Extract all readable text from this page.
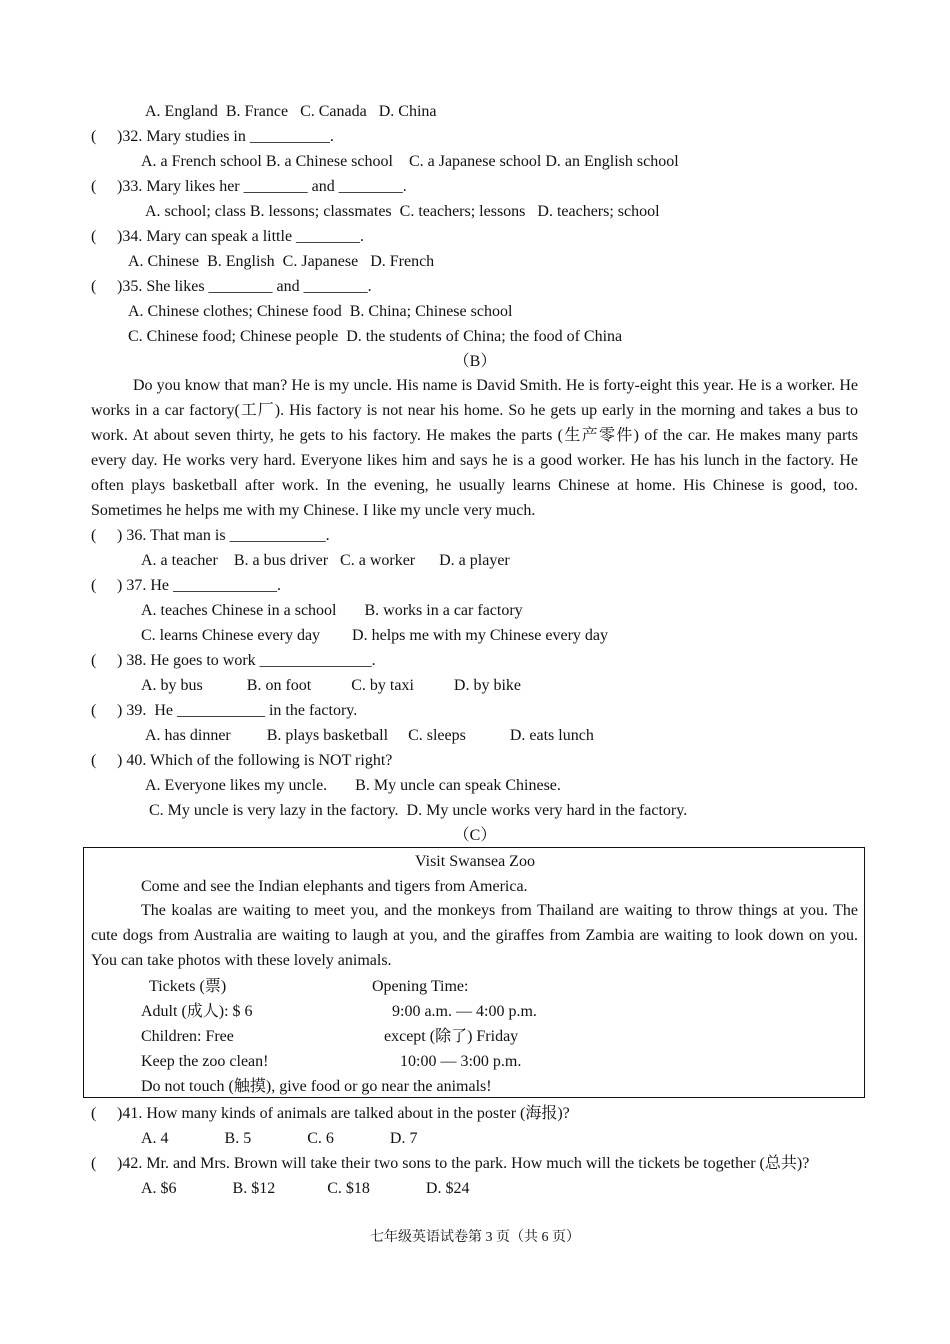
A. England  B. France   C. Canada   D. China
( )32. Mary studies in __________.
A. a French school B. a Chinese school    C. a Japanese school D. an English school
( )33. Mary likes her ________ and ________.
A. school; class B. lessons; classmates  C. teachers; lessons   D. teachers; school
( )34. Mary can speak a little ________.
A. Chinese  B. English  C. Japanese   D. French
( )35. She likes ________ and ________.
A. Chinese clothes; Chinese food  B. China; Chinese school
C. Chinese food; Chinese people  D. the students of China; the food of China
（B）

Do you know that man? He is my uncle. His name is David Smith. He is forty-eight this year. He is a worker. He works in a car factory(工厂). His factory is not near his home. So he gets up early in the morning and takes a bus to work. At about seven thirty, he gets to his factory. He makes the parts (生产零件) of the car. He makes many parts every day. He works very hard. Everyone likes him and says he is a good worker. He has his lunch in the factory. He often plays basketball after work. In the evening, he usually learns Chinese at home. His Chinese is good, too. Sometimes he helps me with my Chinese. I like my uncle very much.

( ) 36. That man is ____________.
A. a teacher    B. a bus driver   C. a worker      D. a player
( ) 37. He _____________.
A. teaches Chinese in a school       B. works in a car factory
C. learns Chinese every day        D. helps me with my Chinese every day
( ) 38. He goes to work ______________.
A. by bus           B. on foot          C. by taxi          D. by bike
( ) 39.  He ___________ in the factory.
A. has dinner         B. plays basketball     C. sleeps           D. eats lunch
( ) 40. Which of the following is NOT right?
A. Everyone likes my uncle.       B. My uncle can speak Chinese.
C. My uncle is very lazy in the factory.  D. My uncle works very hard in the factory.
（C）
Visit Swansea Zoo
Come and see the Indian elephants and tigers from America.

The koalas are waiting to meet you, and the monkeys from Thailand are waiting to throw things at you. The cute dogs from Australia are waiting to laugh at you, and the giraffes from Zambia are waiting to look down on you. You can take photos with these lovely animals.

Tickets (票)	Opening Time:
Adult (成人): $ 6	9:00 a.m. — 4:00 p.m.
Children: Free	except (除了) Friday
Keep the zoo clean!	10:00 — 3:00 p.m.
Do not touch (触摸), give food or go near the animals!
( )41. How many kinds of animals are talked about in the poster (海报)?
A. 4              B. 5              C. 6              D. 7
( )42. Mr. and Mrs. Brown will take their two sons to the park. How much will the tickets be together (总共)?
A. $6              B. $12             C. $18              D. $24
七年级英语试卷第 3 页（共 6 页）
